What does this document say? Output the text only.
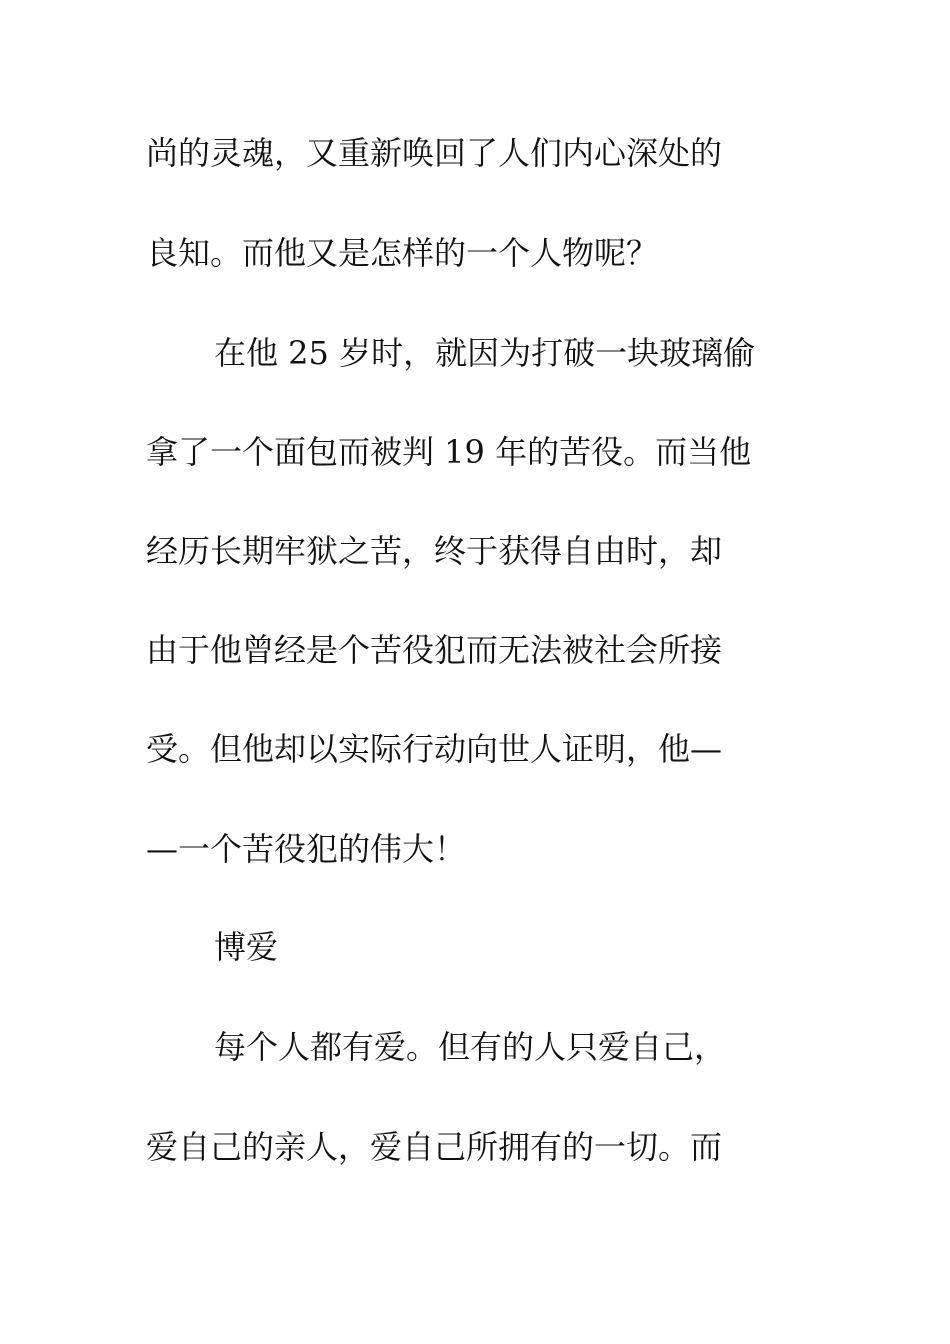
尚的灵魂，又重新唤回了人们内心深处的
良知。而他又是怎样的一个人物呢？
在他 25 岁时，就因为打破一块玻璃偷
拿了一个面包而被判 19 年的苦役。而当他
经历长期牢狱之苦，终于获得自由时，却
由于他曾经是个苦役犯而无法被社会所接
受。但他却以实际行动向世人证明，他—
—一个苦役犯的伟大！
博爱
每个人都有爱。但有的人只爱自己，
爱自己的亲人，爱自己所拥有的一切。而
